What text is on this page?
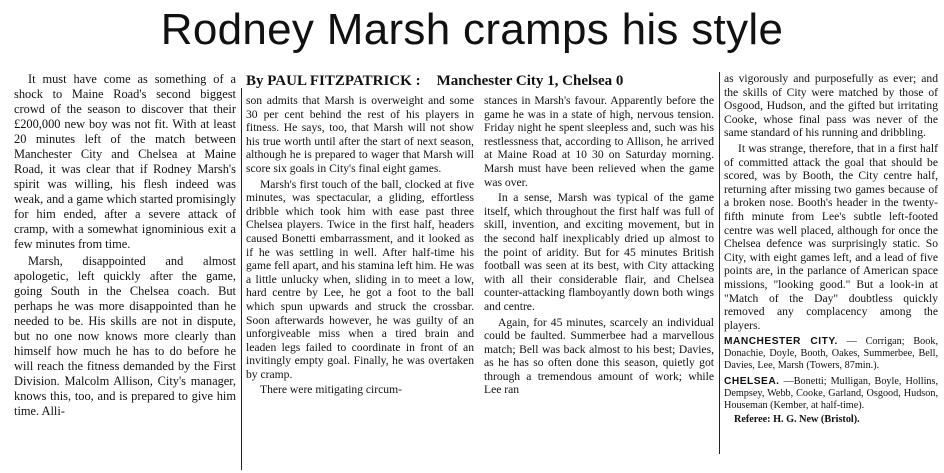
Rodney Marsh cramps his style
By PAUL FITZPATRICK : Manchester City 1, Chelsea 0

It must have come as something of a shock to Maine Road's second biggest crowd of the season to discover that their £200,000 new boy was not fit. With at least 20 minutes left of the match between Manchester City and Chelsea at Maine Road, it was clear that if Rodney Marsh's spirit was willing, his flesh indeed was weak, and a game which started promisingly for him ended, after a severe attack of cramp, with a somewhat ignominious exit a few minutes from time.

Marsh, disappointed and almost apologetic, left quickly after the game, going South in the Chelsea coach. But perhaps he was more disappointed than he needed to be. His skills are not in dispute, but no one now knows more clearly than himself how much he has to do before he will reach the fitness demanded by the First Division. Malcolm Allison, City's manager, knows this, too, and is prepared to give him time. Alli-

son admits that Marsh is overweight and some 30 per cent behind the rest of his players in fitness. He says, too, that Marsh will not show his true worth until after the start of next season, although he is prepared to wager that Marsh will score six goals in City's final eight games.

Marsh's first touch of the ball, clocked at five minutes, was spectacular, a gliding, effortless dribble which took him with ease past three Chelsea players. Twice in the first half, headers caused Bonetti embarrassment, and it looked as if he was settling in well. After half-time his game fell apart, and his stamina left him. He was a little unlucky when, sliding in to meet a low, hard centre by Lee, he got a foot to the ball which spun upwards and struck the crossbar. Soon afterwards however, he was guilty of an unforgiveable miss when a tired brain and leaden legs failed to coordinate in front of an invitingly empty goal. Finally, he was overtaken by cramp.

There were mitigating circum-

stances in Marsh's favour. Apparently before the game he was in a state of high, nervous tension. Friday night he spent sleepless and, such was his restlessness that, according to Allison, he arrived at Maine Road at 10 30 on Saturday morning. Marsh must have been relieved when the game was over.

In a sense, Marsh was typical of the game itself, which throughout the first half was full of skill, invention, and exciting movement, but in the second half inexplicably dried up almost to the point of aridity. But for 45 minutes British football was seen at its best, with City attacking with all their considerable flair, and Chelsea counter-attacking flamboyantly down both wings and centre.

Again, for 45 minutes, scarcely an individual could be faulted. Summerbee had a marvellous match; Bell was back almost to his best; Davies, as he has so often done this season, quietly got through a tremendous amount of work; while Lee ran

as vigorously and purposefully as ever; and the skills of City were matched by those of Osgood, Hudson, and the gifted but irritating Cooke, whose final pass was never of the same standard of his running and dribbling.

It was strange, therefore, that in a first half of committed attack the goal that should be scored, was by Booth, the City centre half, returning after missing two games because of a broken nose. Booth's header in the twenty-fifth minute from Lee's subtle left-footed centre was well placed, although for once the Chelsea defence was surprisingly static. So City, with eight games left, and a lead of five points are, in the parlance of American space missions, "looking good." But a look-in at "Match of the Day" doubtless quickly removed any complacency among the players.

MANCHESTER CITY. — Corrigan; Book, Donachie, Doyle, Booth, Oakes, Summerbee, Bell, Davies, Lee, Marsh (Towers, 87min.).

CHELSEA. —Bonetti; Mulligan, Boyle, Hollins, Dempsey, Webb, Cooke, Garland, Osgood, Hudson, Houseman (Kember, at half-time).

Referee: H. G. New (Bristol).
